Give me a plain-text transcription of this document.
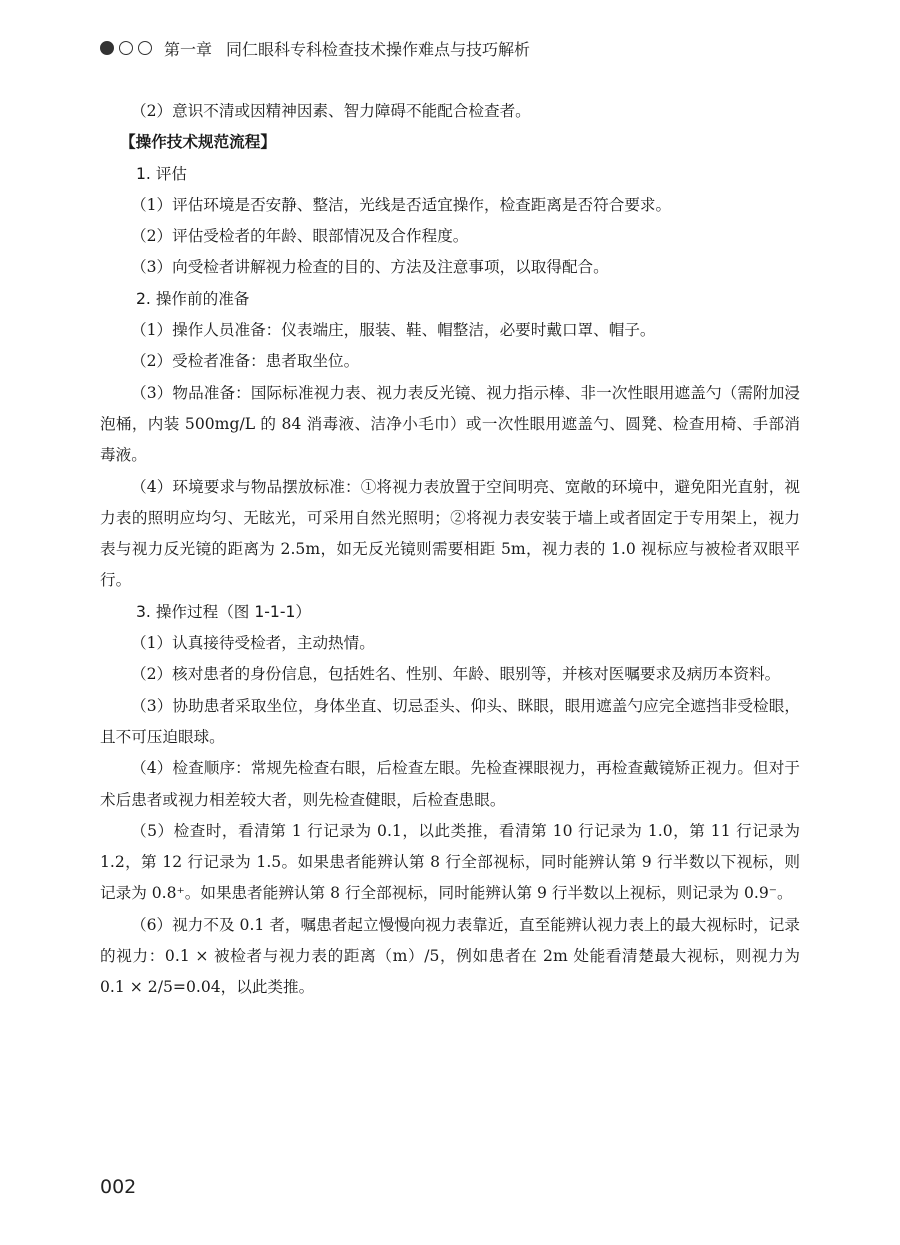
第一章 同仁眼科专科检查技术操作难点与技巧解析

（2）意识不清或因精神因素、智力障碍不能配合检查者。

【操作技术规范流程】

1. 评估

（1）评估环境是否安静、整洁，光线是否适宜操作，检查距离是否符合要求。

（2）评估受检者的年龄、眼部情况及合作程度。

（3）向受检者讲解视力检查的目的、方法及注意事项，以取得配合。

2. 操作前的准备

（1）操作人员准备：仪表端庄，服装、鞋、帽整洁，必要时戴口罩、帽子。

（2）受检者准备：患者取坐位。

（3）物品准备：国际标准视力表、视力表反光镜、视力指示棒、非一次性眼用遮盖勺（需附加浸泡桶，内装 500mg/L 的 84 消毒液、洁净小毛巾）或一次性眼用遮盖勺、圆凳、检查用椅、手部消毒液。

（4）环境要求与物品摆放标准：①将视力表放置于空间明亮、宽敞的环境中，避免阳光直射，视力表的照明应均匀、无眩光，可采用自然光照明；②将视力表安装于墙上或者固定于专用架上，视力表与视力反光镜的距离为 2.5m，如无反光镜则需要相距 5m，视力表的 1.0 视标应与被检者双眼平行。

3. 操作过程（图 1-1-1）

（1）认真接待受检者，主动热情。

（2）核对患者的身份信息，包括姓名、性别、年龄、眼别等，并核对医嘱要求及病历本资料。

（3）协助患者采取坐位，身体坐直、切忌歪头、仰头、眯眼，眼用遮盖勺应完全遮挡非受检眼，且不可压迫眼球。

（4）检查顺序：常规先检查右眼，后检查左眼。先检查裸眼视力，再检查戴镜矫正视力。但对于术后患者或视力相差较大者，则先检查健眼，后检查患眼。

（5）检查时，看清第 1 行记录为 0.1，以此类推，看清第 10 行记录为 1.0，第 11 行记录为 1.2，第 12 行记录为 1.5。如果患者能辨认第 8 行全部视标，同时能辨认第 9 行半数以下视标，则记录为 0.8⁺。如果患者能辨认第 8 行全部视标，同时能辨认第 9 行半数以上视标，则记录为 0.9⁻。

（6）视力不及 0.1 者，嘱患者起立慢慢向视力表靠近，直至能辨认视力表上的最大视标时，记录的视力：0.1 × 被检者与视力表的距离（m）/5，例如患者在 2m 处能看清楚最大视标，则视力为 0.1 × 2/5=0.04，以此类推。

002
